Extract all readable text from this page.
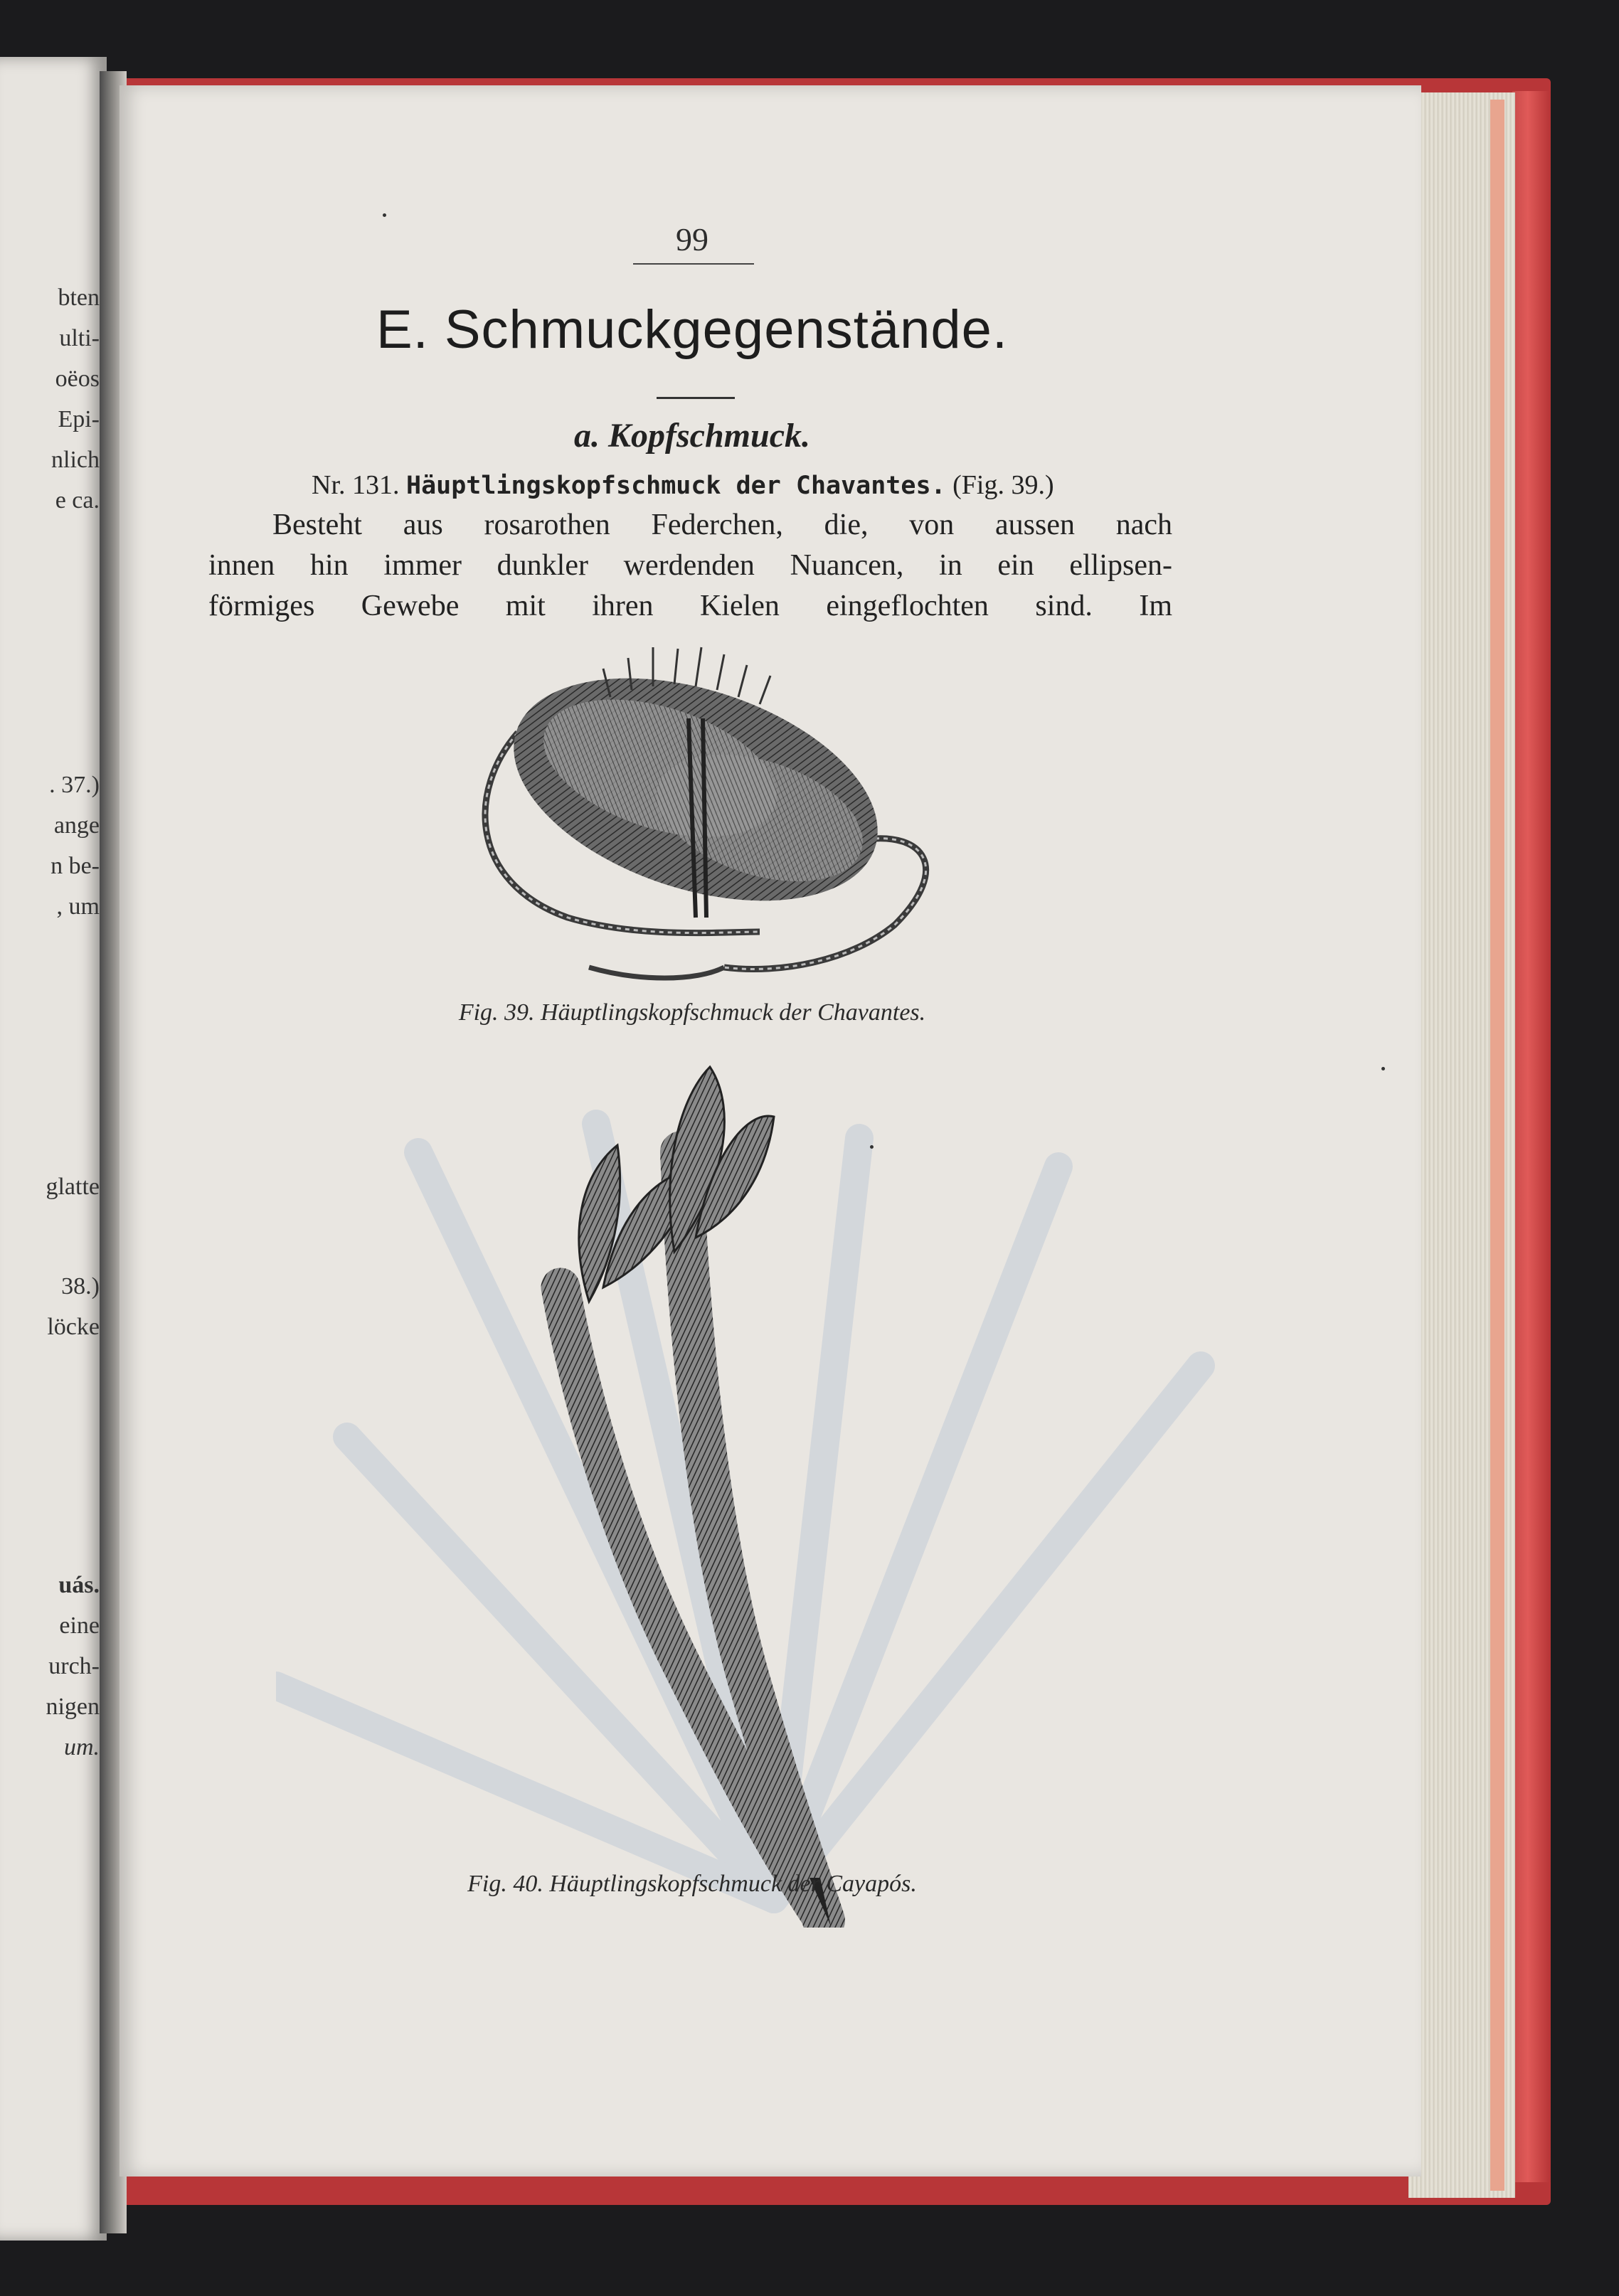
bten
ulti-
oëos
Epi-
nlich
e ca.
. 37.)
ange
n be-
, um
glatte
38.)
löcke
uás.
eine
urch-
nigen
um.
99
E. Schmuckgegenstände.
a. Kopfschmuck.
Nr. 131. Häuptlingskopfschmuck der Chavantes. (Fig. 39.)
Besteht aus rosarothen Federchen, die, von aussen nach
innen hin immer dunkler werdenden Nuancen, in ein ellipsen-
förmiges Gewebe mit ihren Kielen eingeflochten sind. Im
Fig. 39. Häuptlingskopfschmuck der Chavantes.
Fig. 40. Häuptlingskopfschmuck der Cayapós.
